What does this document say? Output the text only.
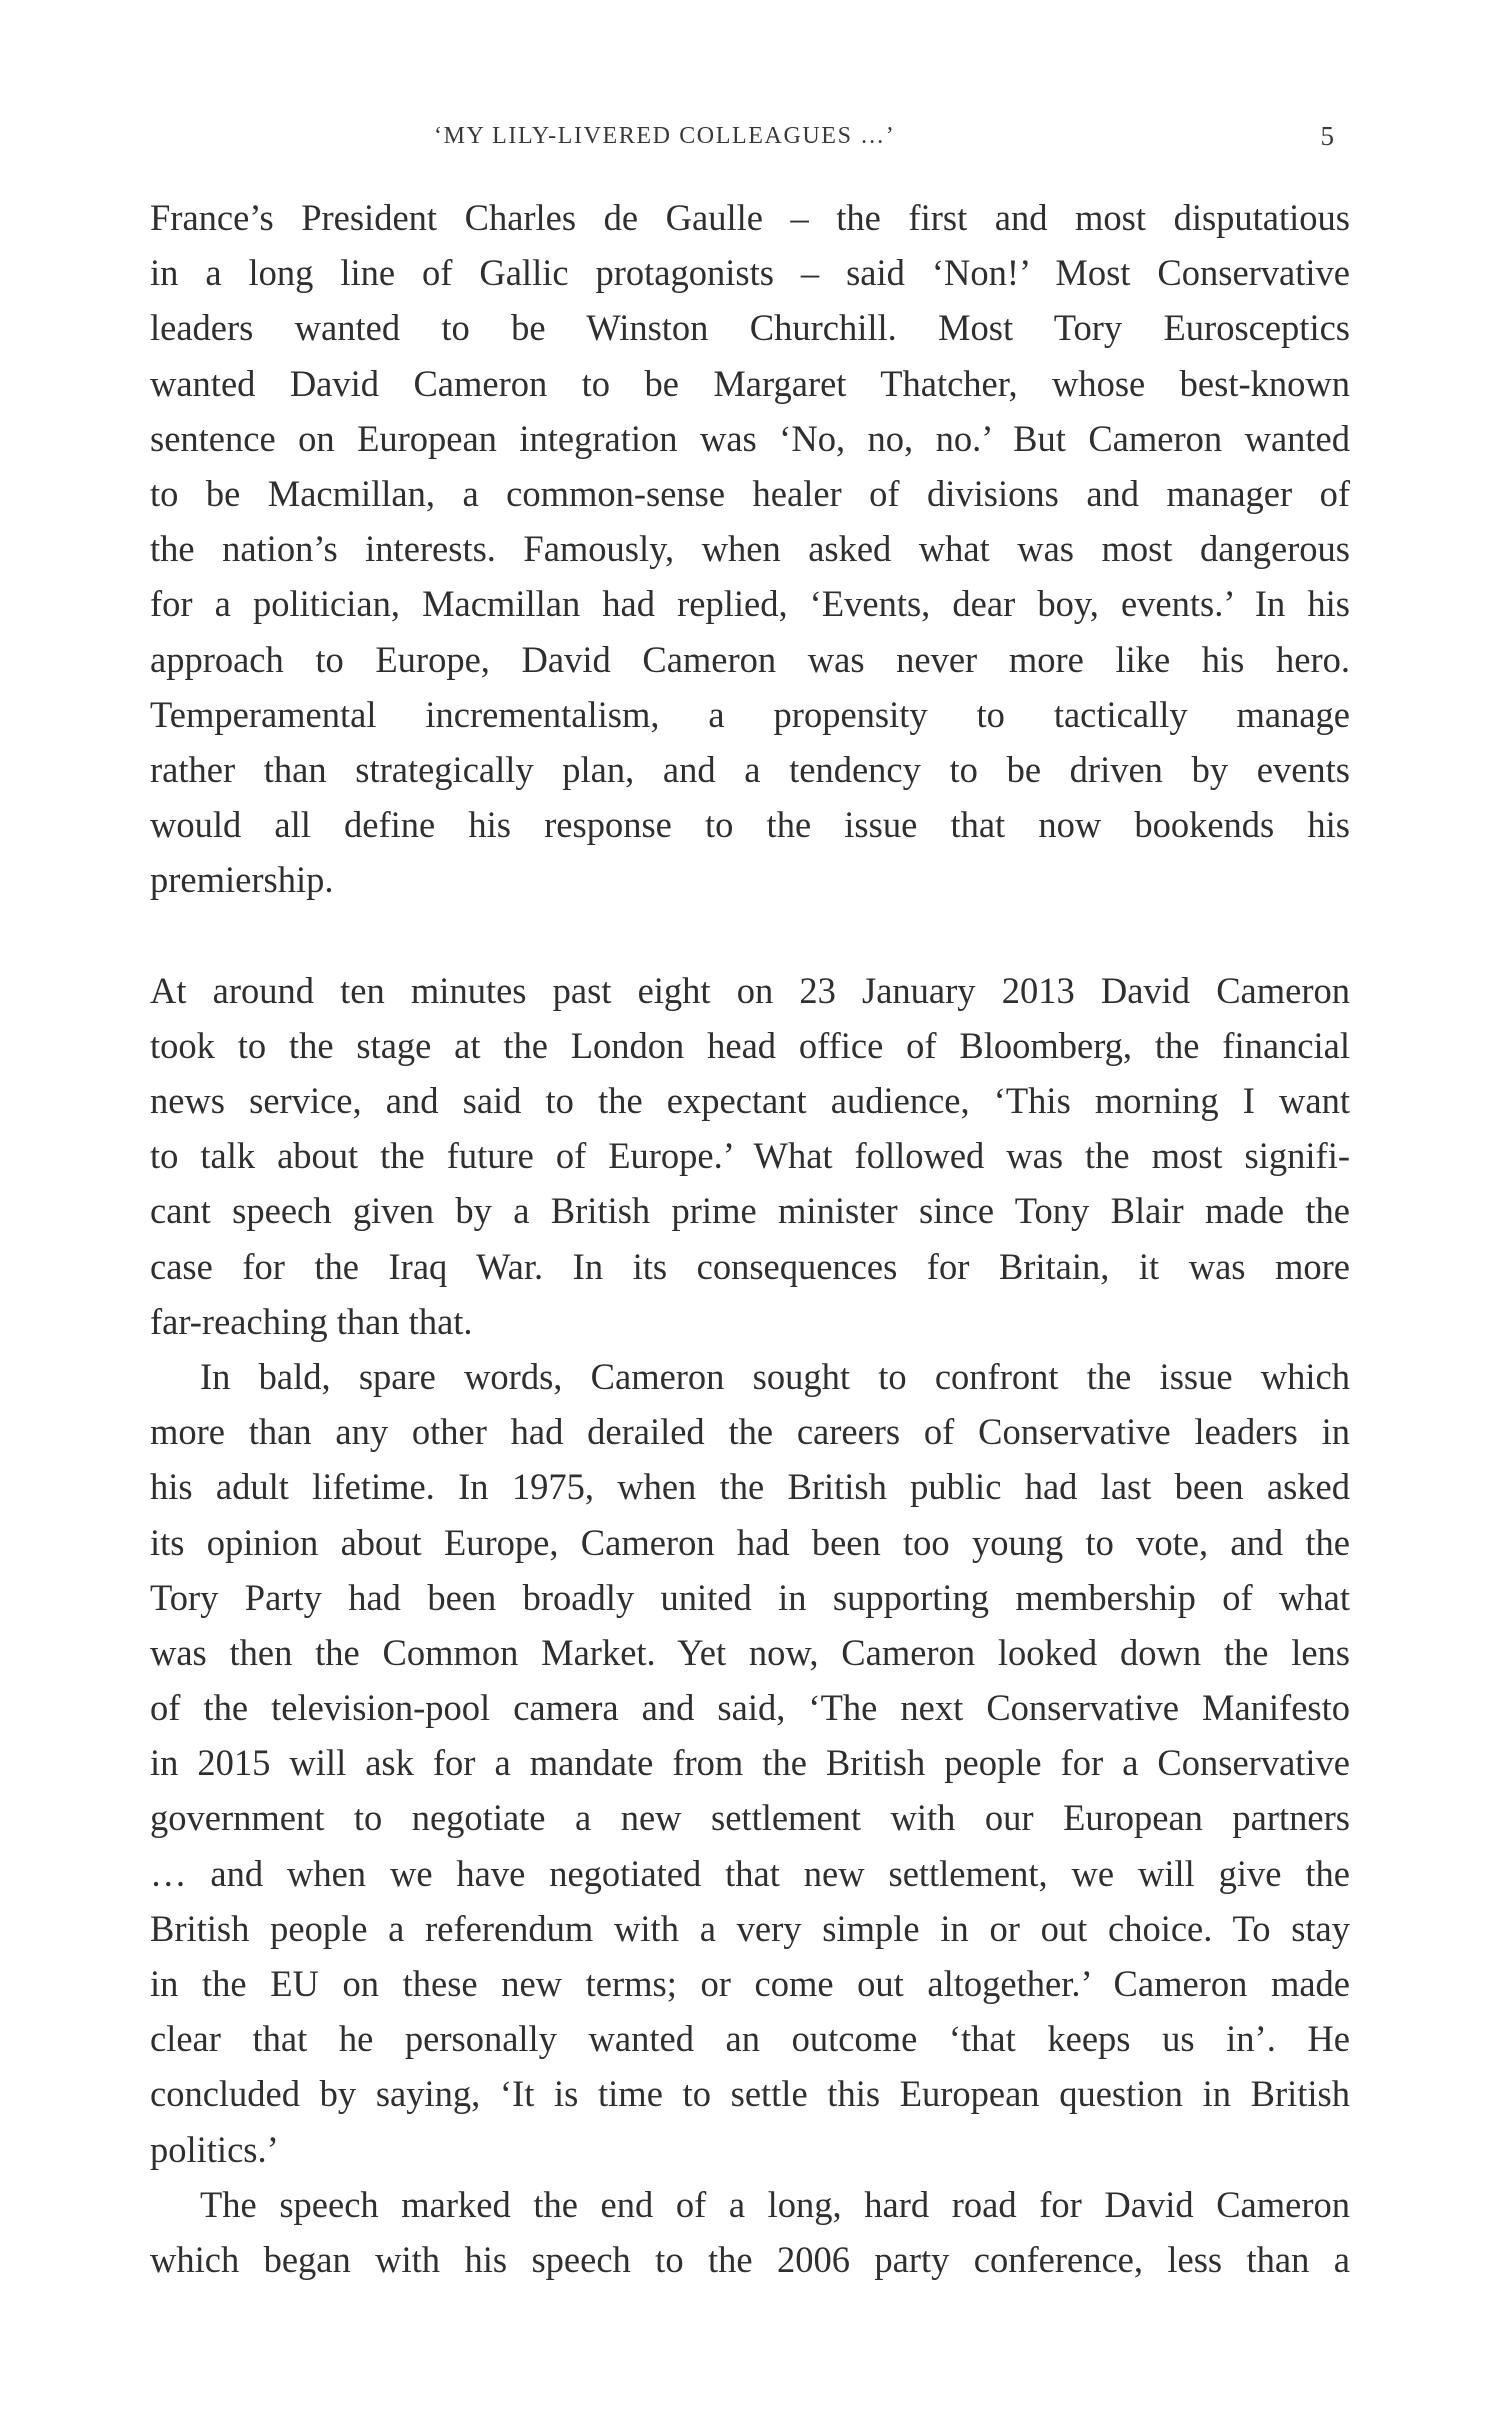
‘MY LILY-LIVERED COLLEAGUES …’	5
France’s President Charles de Gaulle – the first and most disputatious
in a long line of Gallic protagonists – said ‘Non!’ Most Conservative
leaders wanted to be Winston Churchill. Most Tory Eurosceptics
wanted David Cameron to be Margaret Thatcher, whose best-known
sentence on European integration was ‘No, no, no.’ But Cameron wanted
to be Macmillan, a common-sense healer of divisions and manager of
the nation’s interests. Famously, when asked what was most dangerous
for a politician, Macmillan had replied, ‘Events, dear boy, events.’ In his
approach to Europe, David Cameron was never more like his hero.
Temperamental incrementalism, a propensity to tactically manage
rather than strategically plan, and a tendency to be driven by events
would all define his response to the issue that now bookends his
premiership.
At around ten minutes past eight on 23 January 2013 David Cameron
took to the stage at the London head office of Bloomberg, the financial
news service, and said to the expectant audience, ‘This morning I want
to talk about the future of Europe.’ What followed was the most signifi-
cant speech given by a British prime minister since Tony Blair made the
case for the Iraq War. In its consequences for Britain, it was more
far-reaching than that.
In bald, spare words, Cameron sought to confront the issue which
more than any other had derailed the careers of Conservative leaders in
his adult lifetime. In 1975, when the British public had last been asked
its opinion about Europe, Cameron had been too young to vote, and the
Tory Party had been broadly united in supporting membership of what
was then the Common Market. Yet now, Cameron looked down the lens
of the television-pool camera and said, ‘The next Conservative Manifesto
in 2015 will ask for a mandate from the British people for a Conservative
government to negotiate a new settlement with our European partners
… and when we have negotiated that new settlement, we will give the
British people a referendum with a very simple in or out choice. To stay
in the EU on these new terms; or come out altogether.’ Cameron made
clear that he personally wanted an outcome ‘that keeps us in’. He
concluded by saying, ‘It is time to settle this European question in British
politics.’
The speech marked the end of a long, hard road for David Cameron
which began with his speech to the 2006 party conference, less than a
